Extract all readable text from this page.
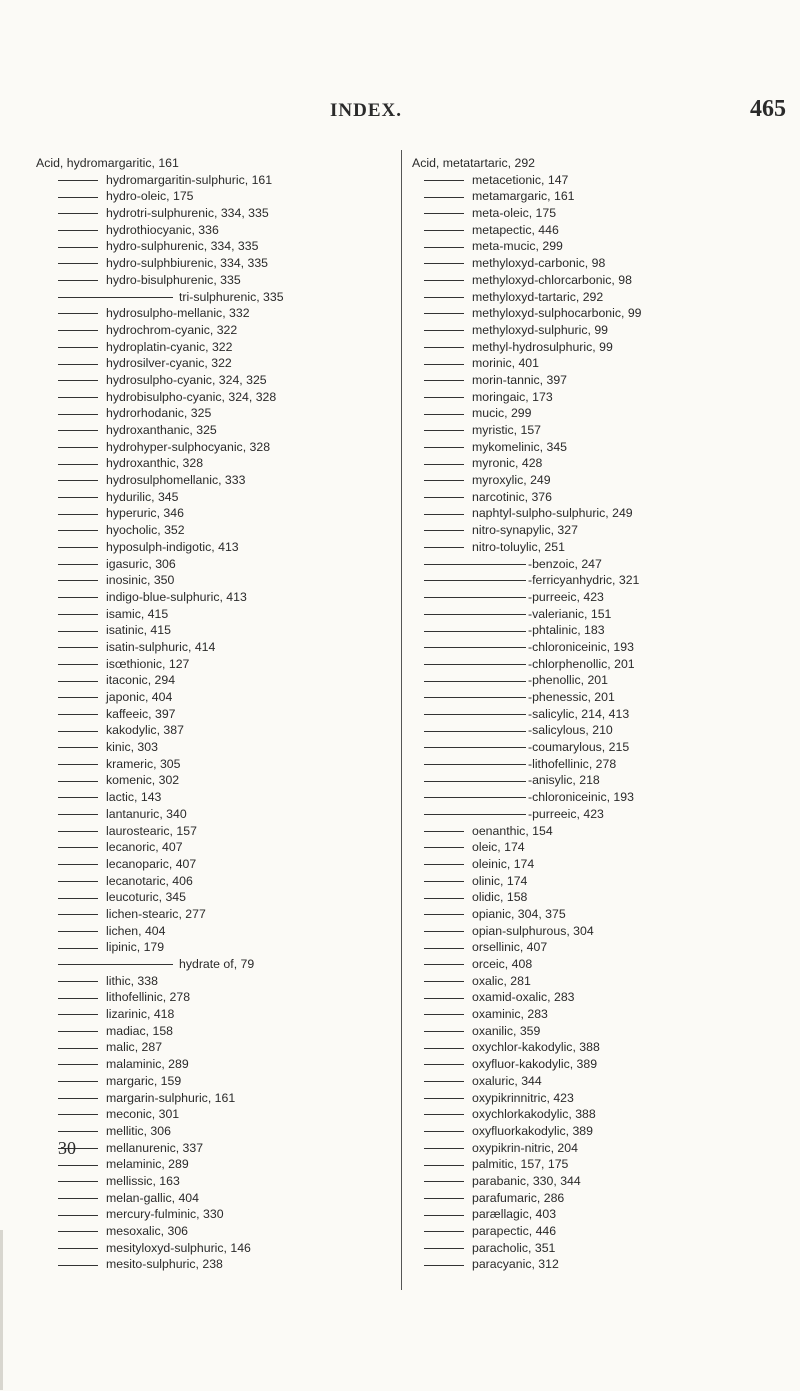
INDEX.	465
Acid, hydromargaritic, 161
hydromargaritin-sulphuric, 161
hydro-oleic, 175
hydrotri-sulphurenic, 334, 335
hydrothiocyanic, 336
hydro-sulphurenic, 334, 335
hydro-sulphbiurenic, 334, 335
hydro-bisulphurenic, 335
tri-sulphurenic, 335
hydrosulpho-mellanic, 332
hydrochrom-cyanic, 322
hydroplatin-cyanic, 322
hydrosilver-cyanic, 322
hydrosulpho-cyanic, 324, 325
hydrobisulpho-cyanic, 324, 328
hydrorhodanic, 325
hydroxanthanic, 325
hydrohyper-sulphocyanic, 328
hydroxanthic, 328
hydrosulphomellanic, 333
hydurilic, 345
hyperuric, 346
hyocholic, 352
hyposulph-indigotic, 413
igasuric, 306
inosinic, 350
indigo-blue-sulphuric, 413
isamic, 415
isatinic, 415
isatin-sulphuric, 414
isœthionic, 127
itaconic, 294
japonic, 404
kaffeeic, 397
kakodylic, 387
kinic, 303
krameric, 305
komenic, 302
lactic, 143
lantanuric, 340
laurostearic, 157
lecanoric, 407
lecanoparic, 407
lecanotaric, 406
leucoturic, 345
lichen-stearic, 277
lichen, 404
lipinic, 179
hydrate of, 79
lithic, 338
lithofellinic, 278
lizarinic, 418
madiac, 158
malic, 287
malaminic, 289
margaric, 159
margarin-sulphuric, 161
meconic, 301
mellitic, 306
mellanurenic, 337
melaminic, 289
mellissic, 163
melan-gallic, 404
mercury-fulminic, 330
mesoxalic, 306
mesityloxyd-sulphuric, 146
mesito-sulphuric, 238
Acid, metatartaric, 292
metacetionic, 147
metamargaric, 161
meta-oleic, 175
metapectic, 446
meta-mucic, 299
methyloxyd-carbonic, 98
methyloxyd-chlorcarbonic, 98
methyloxyd-tartaric, 292
methyloxyd-sulphocarbonic, 99
methyloxyd-sulphuric, 99
methyl-hydrosulphuric, 99
morinic, 401
morin-tannic, 397
moringaic, 173
mucic, 299
myristic, 157
mykomelinic, 345
myronic, 428
myroxylic, 249
narcotinic, 376
naphtyl-sulpho-sulphuric, 249
nitro-synapylic, 327
nitro-toluylic, 251
-benzoic, 247
-ferricyanhydric, 321
-purreeic, 423
-valerianic, 151
-phtalinic, 183
-chloroniceinic, 193
-chlorphenollic, 201
-phenollic, 201
-phenessic, 201
-salicylic, 214, 413
-salicylous, 210
-coumarylous, 215
-lithofellinic, 278
-anisylic, 218
-chloroniceinic, 193
-purreeic, 423
oenanthic, 154
oleic, 174
oleinic, 174
olinic, 174
olidic, 158
opianic, 304, 375
opian-sulphurous, 304
orsellinic, 407
orceic, 408
oxalic, 281
oxamid-oxalic, 283
oxaminic, 283
oxanilic, 359
oxychlor-kakodylic, 388
oxyfluor-kakodylic, 389
oxaluric, 344
oxypikrinnitric, 423
oxychlorkakodylic, 388
oxyfluorkakodylic, 389
oxypikrin-nitric, 204
palmitic, 157, 175
parabanic, 330, 344
parafumaric, 286
parællagic, 403
parapectic, 446
paracholic, 351
paracyanic, 312
30
